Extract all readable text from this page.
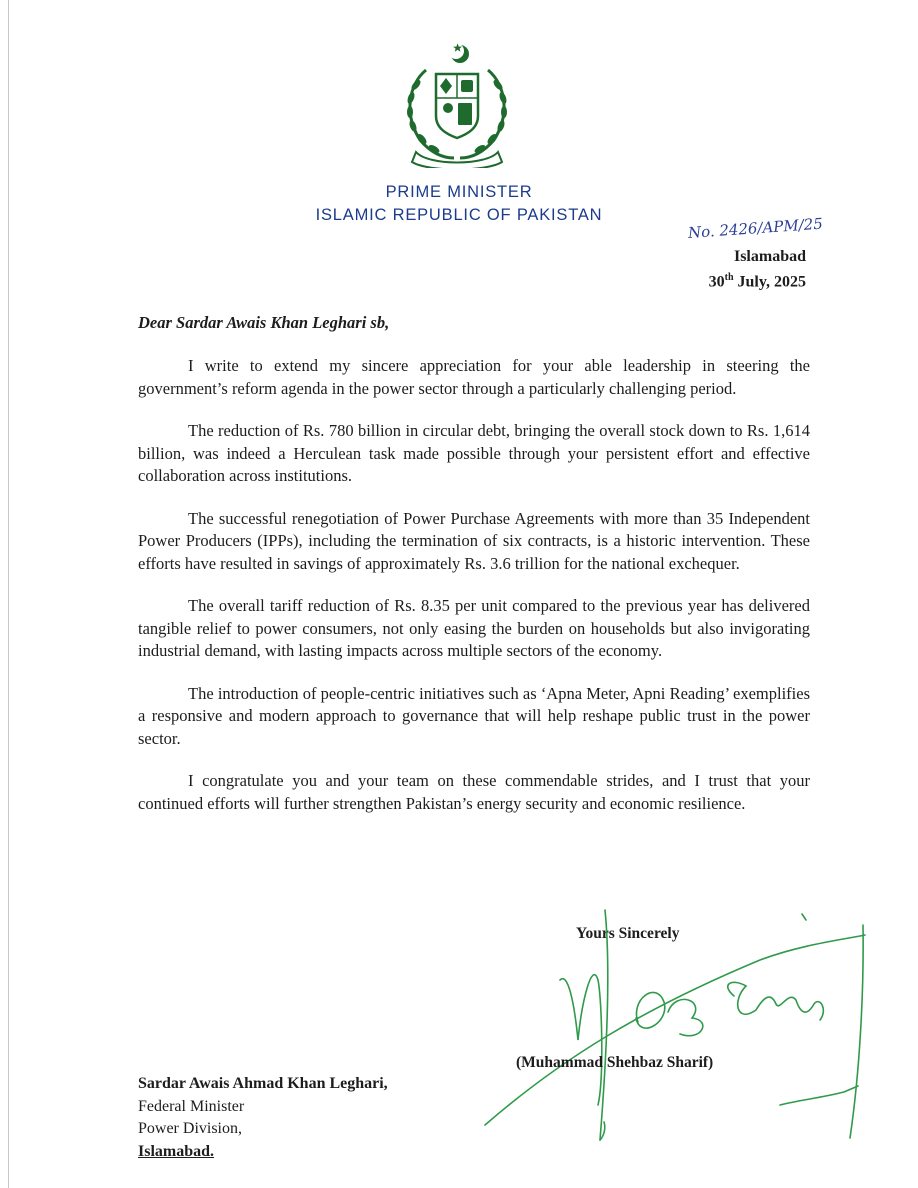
PRIME MINISTER
ISLAMIC REPUBLIC OF PAKISTAN	No. 2426/APM/25
Islamabad
30th July, 2025
Dear Sardar Awais Khan Leghari sb,

I write to extend my sincere appreciation for your able leadership in steering the government’s reform agenda in the power sector through a particularly challenging period.

The reduction of Rs. 780 billion in circular debt, bringing the overall stock down to Rs. 1,614 billion, was indeed a Herculean task made possible through your persistent effort and effective collaboration across institutions.

The successful renegotiation of Power Purchase Agreements with more than 35 Independent Power Producers (IPPs), including the termination of six contracts, is a historic intervention. These efforts have resulted in savings of approximately Rs. 3.6 trillion for the national exchequer.

The overall tariff reduction of Rs. 8.35 per unit compared to the previous year has delivered tangible relief to power consumers, not only easing the burden on households but also invigorating industrial demand, with lasting impacts across multiple sectors of the economy.

The introduction of people-centric initiatives such as ‘Apna Meter, Apni Reading’ exemplifies a responsive and modern approach to governance that will help reshape public trust in the power sector.

I congratulate you and your team on these commendable strides, and I trust that your continued efforts will further strengthen Pakistan’s energy security and economic resilience.

Yours Sincerely
(Muhammad Shehbaz Sharif)
Sardar Awais Ahmad Khan Leghari,
Federal Minister
Power Division,
Islamabad.
